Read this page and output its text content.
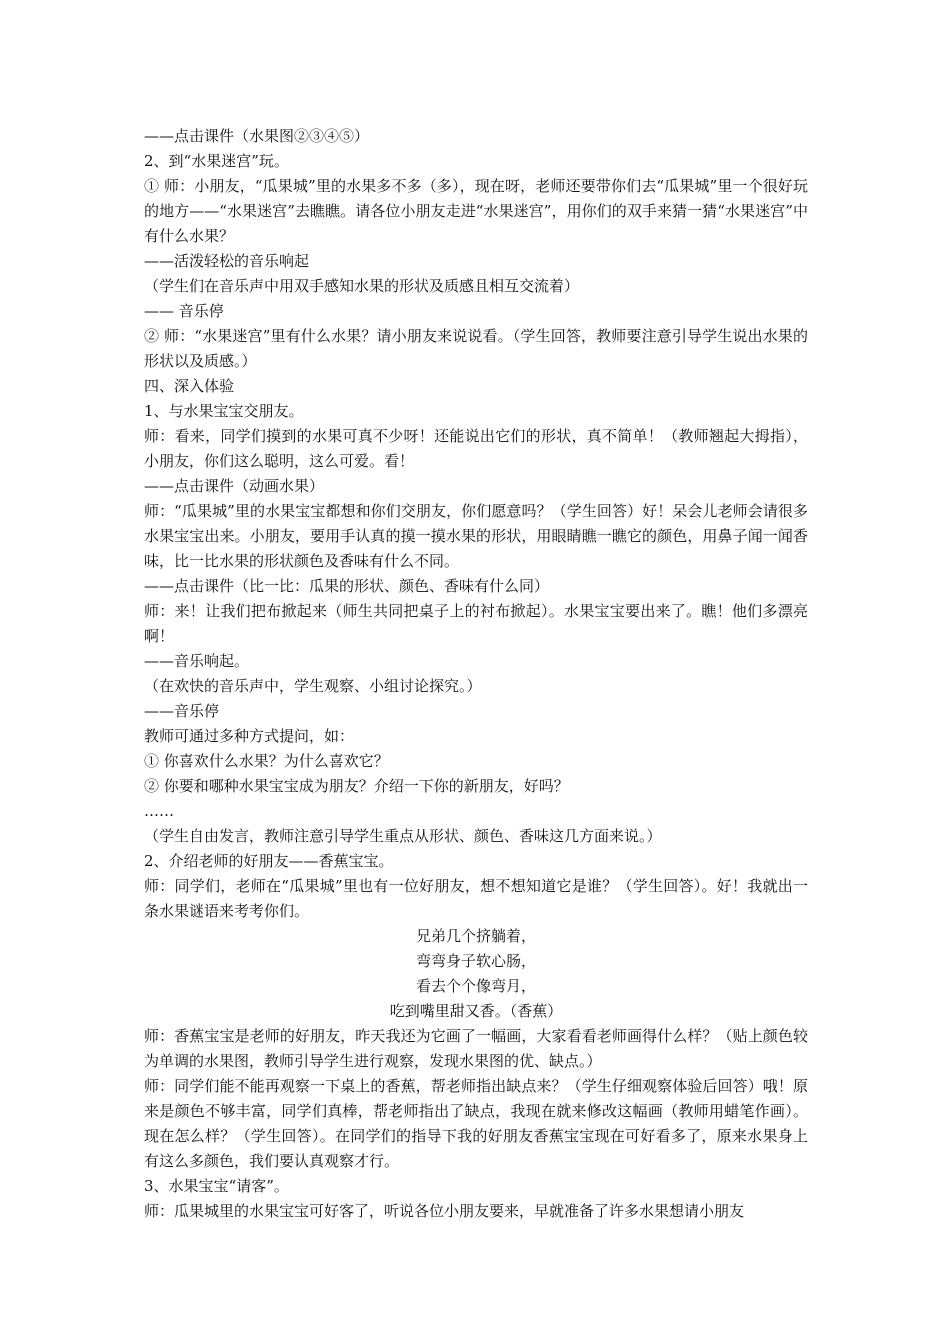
——点击课件（水果图②③④⑤）

2、到“水果迷宫”玩。

① 师：小朋友，“瓜果城”里的水果多不多（多），现在呀，老师还要带你们去“瓜果城”里一个很好玩的地方——“水果迷宫”去瞧瞧。请各位小朋友走进“水果迷宫”，用你们的双手来猜一猜“水果迷宫”中有什么水果？

——活泼轻松的音乐响起

（学生们在音乐声中用双手感知水果的形状及质感且相互交流着）

—— 音乐停

② 师：“水果迷宫”里有什么水果？请小朋友来说说看。（学生回答，教师要注意引导学生说出水果的形状以及质感。）

四、深入体验

1、与水果宝宝交朋友。

师：看来，同学们摸到的水果可真不少呀！还能说出它们的形状，真不简单！（教师翘起大拇指），小朋友，你们这么聪明，这么可爱。看！

——点击课件（动画水果）

师：“瓜果城”里的水果宝宝都想和你们交朋友，你们愿意吗？（学生回答）好！呆会儿老师会请很多水果宝宝出来。小朋友，要用手认真的摸一摸水果的形状，用眼睛瞧一瞧它的颜色，用鼻子闻一闻香味，比一比水果的形状颜色及香味有什么不同。

——点击课件（比一比：瓜果的形状、颜色、香味有什么同）

师：来！让我们把布掀起来（师生共同把桌子上的衬布掀起）。水果宝宝要出来了。瞧！他们多漂亮啊！

——音乐响起。

（在欢快的音乐声中，学生观察、小组讨论探究。）

——音乐停

教师可通过多种方式提问，如：

① 你喜欢什么水果？为什么喜欢它？

② 你要和哪种水果宝宝成为朋友？介绍一下你的新朋友，好吗？

……

（学生自由发言，教师注意引导学生重点从形状、颜色、香味这几方面来说。）

2、介绍老师的好朋友——香蕉宝宝。

师：同学们，老师在“瓜果城”里也有一位好朋友，想不想知道它是谁？（学生回答）。好！我就出一条水果谜语来考考你们。

兄弟几个挤躺着，

弯弯身子软心肠，

看去个个像弯月，

吃到嘴里甜又香。（香蕉）

师：香蕉宝宝是老师的好朋友，昨天我还为它画了一幅画，大家看看老师画得什么样？（贴上颜色较为单调的水果图，教师引导学生进行观察，发现水果图的优、缺点。）

师：同学们能不能再观察一下桌上的香蕉，帮老师指出缺点来？（学生仔细观察体验后回答）哦！原来是颜色不够丰富，同学们真棒，帮老师指出了缺点，我现在就来修改这幅画（教师用蜡笔作画）。现在怎么样？（学生回答）。在同学们的指导下我的好朋友香蕉宝宝现在可好看多了，原来水果身上有这么多颜色，我们要认真观察才行。

3、水果宝宝“请客”。

师：瓜果城里的水果宝宝可好客了，听说各位小朋友要来，早就准备了许多水果想请小朋友
